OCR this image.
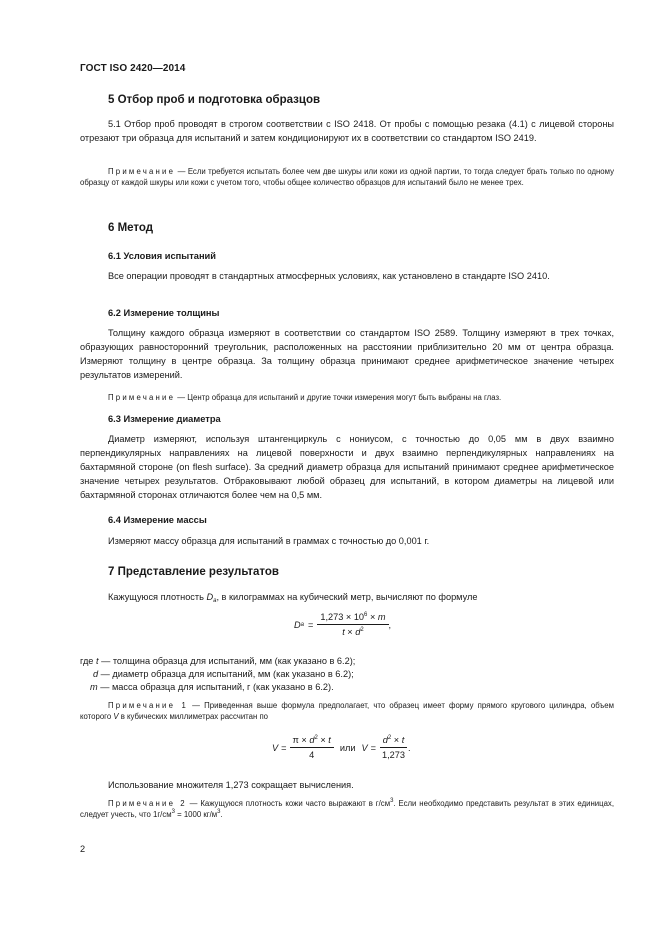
ГОСТ ISO 2420—2014
5 Отбор проб и подготовка образцов
5.1 Отбор проб проводят в строгом соответствии с ISO 2418. От пробы с помощью резака (4.1) с лицевой стороны отрезают три образца для испытаний и затем кондиционируют их в соответствии со стандартом ISO 2419.
Примечание — Если требуется испытать более чем две шкуры или кожи из одной партии, то тогда следует брать только по одному образцу от каждой шкуры или кожи с учетом того, чтобы общее количество образцов для испытаний было не менее трех.
6 Метод
6.1 Условия испытаний
Все операции проводят в стандартных атмосферных условиях, как установлено в стандарте ISO 2410.
6.2 Измерение толщины
Толщину каждого образца измеряют в соответствии со стандартом ISO 2589. Толщину измеряют в трех точках, образующих равносторонний треугольник, расположенных на расстоянии приблизительно 20 мм от центра образца. Измеряют толщину в центре образца. За толщину образца принимают среднее арифметическое значение четырех результатов измерений.
Примечание — Центр образца для испытаний и другие точки измерения могут быть выбраны на глаз.
6.3 Измерение диаметра
Диаметр измеряют, используя штангенциркуль с нониусом, с точностью до 0,05 мм в двух взаимно перпендикулярных направлениях на лицевой поверхности и двух взаимно перпендикулярных направлениях на бахтармяной стороне (on flesh surface). За средний диаметр образца для испытаний принимают среднее арифметическое значение четырех результатов. Отбраковывают любой образец для испытаний, в котором диаметры на лицевой или бахтармяной сторонах отличаются более чем на 0,5 мм.
6.4 Измерение массы
Измеряют массу образца для испытаний в граммах с точностью до 0,001 г.
7 Представление результатов
Кажущуюся плотность $D_a$, в килограммах на кубический метр, вычисляют по формуле
D $a = \frac{1,273 \times 10^6 \times m}{t \times d^2}$ ,
где t — толщина образца для испытаний, мм (как указано в 6.2);
d — диаметр образца для испытаний, мм (как указано в 6.2);
m — масса образца для испытаний, г (как указано в 6.2).
Примечание 1 — Приведенная выше формула предполагает, что образец имеет форму прямого кругового цилиндра, объем которого V в кубических миллиметрах рассчитан по
$V = \frac{\pi \times d^2 \times t}{4}$ или $V = \frac{d^2 \times t}{1,273}$ .
Использование множителя 1,273 сокращает вычисления.
Примечание 2 — Кажущуюся плотность кожи часто выражают в $г/см^3$. Если необходимо представить результат в этих единицах, следует учесть, что $1г/см^3 = 1000$ $кг/м^3$.
2
